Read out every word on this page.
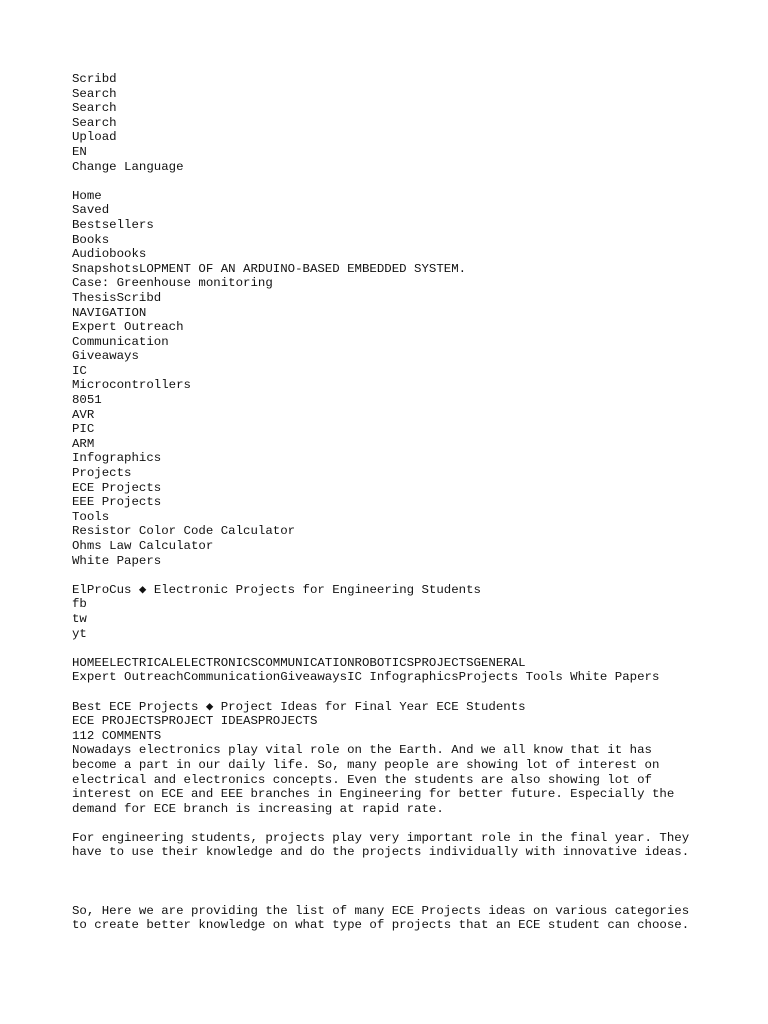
Scribd
Search
Search
Search
Upload
EN
Change Language
Home
Saved
Bestsellers
Books
Audiobooks
SnapshotsLOPMENT OF AN ARDUINO-BASED EMBEDDED SYSTEM.
Case: Greenhouse monitoring
ThesisScribd
NAVIGATION
Expert Outreach
Communication
Giveaways
IC
Microcontrollers
8051
AVR
PIC
ARM
Infographics
Projects
ECE Projects
EEE Projects
Tools
Resistor Color Code Calculator
Ohms Law Calculator
White Papers
ElProCus ◆ Electronic Projects for Engineering Students
fb
tw
yt
HOMEELECTRICALELECTRONICSCOMMUNICATIONROBOTICSPROJECTSGENERAL
Expert OutreachCommunicationGiveawaysIC InfographicsProjects Tools White Papers
Best ECE Projects ◆ Project Ideas for Final Year ECE Students
ECE PROJECTSPROJECT IDEASPROJECTS
112 COMMENTS
Nowadays electronics play vital role on the Earth. And we all know that it has
become a part in our daily life. So, many people are showing lot of interest on
electrical and electronics concepts. Even the students are also showing lot of
interest on ECE and EEE branches in Engineering for better future. Especially the
demand for ECE branch is increasing at rapid rate.
For engineering students, projects play very important role in the final year. They
have to use their knowledge and do the projects individually with innovative ideas.
So, Here we are providing the list of many ECE Projects ideas on various categories
to create better knowledge on what type of projects that an ECE student can choose.
